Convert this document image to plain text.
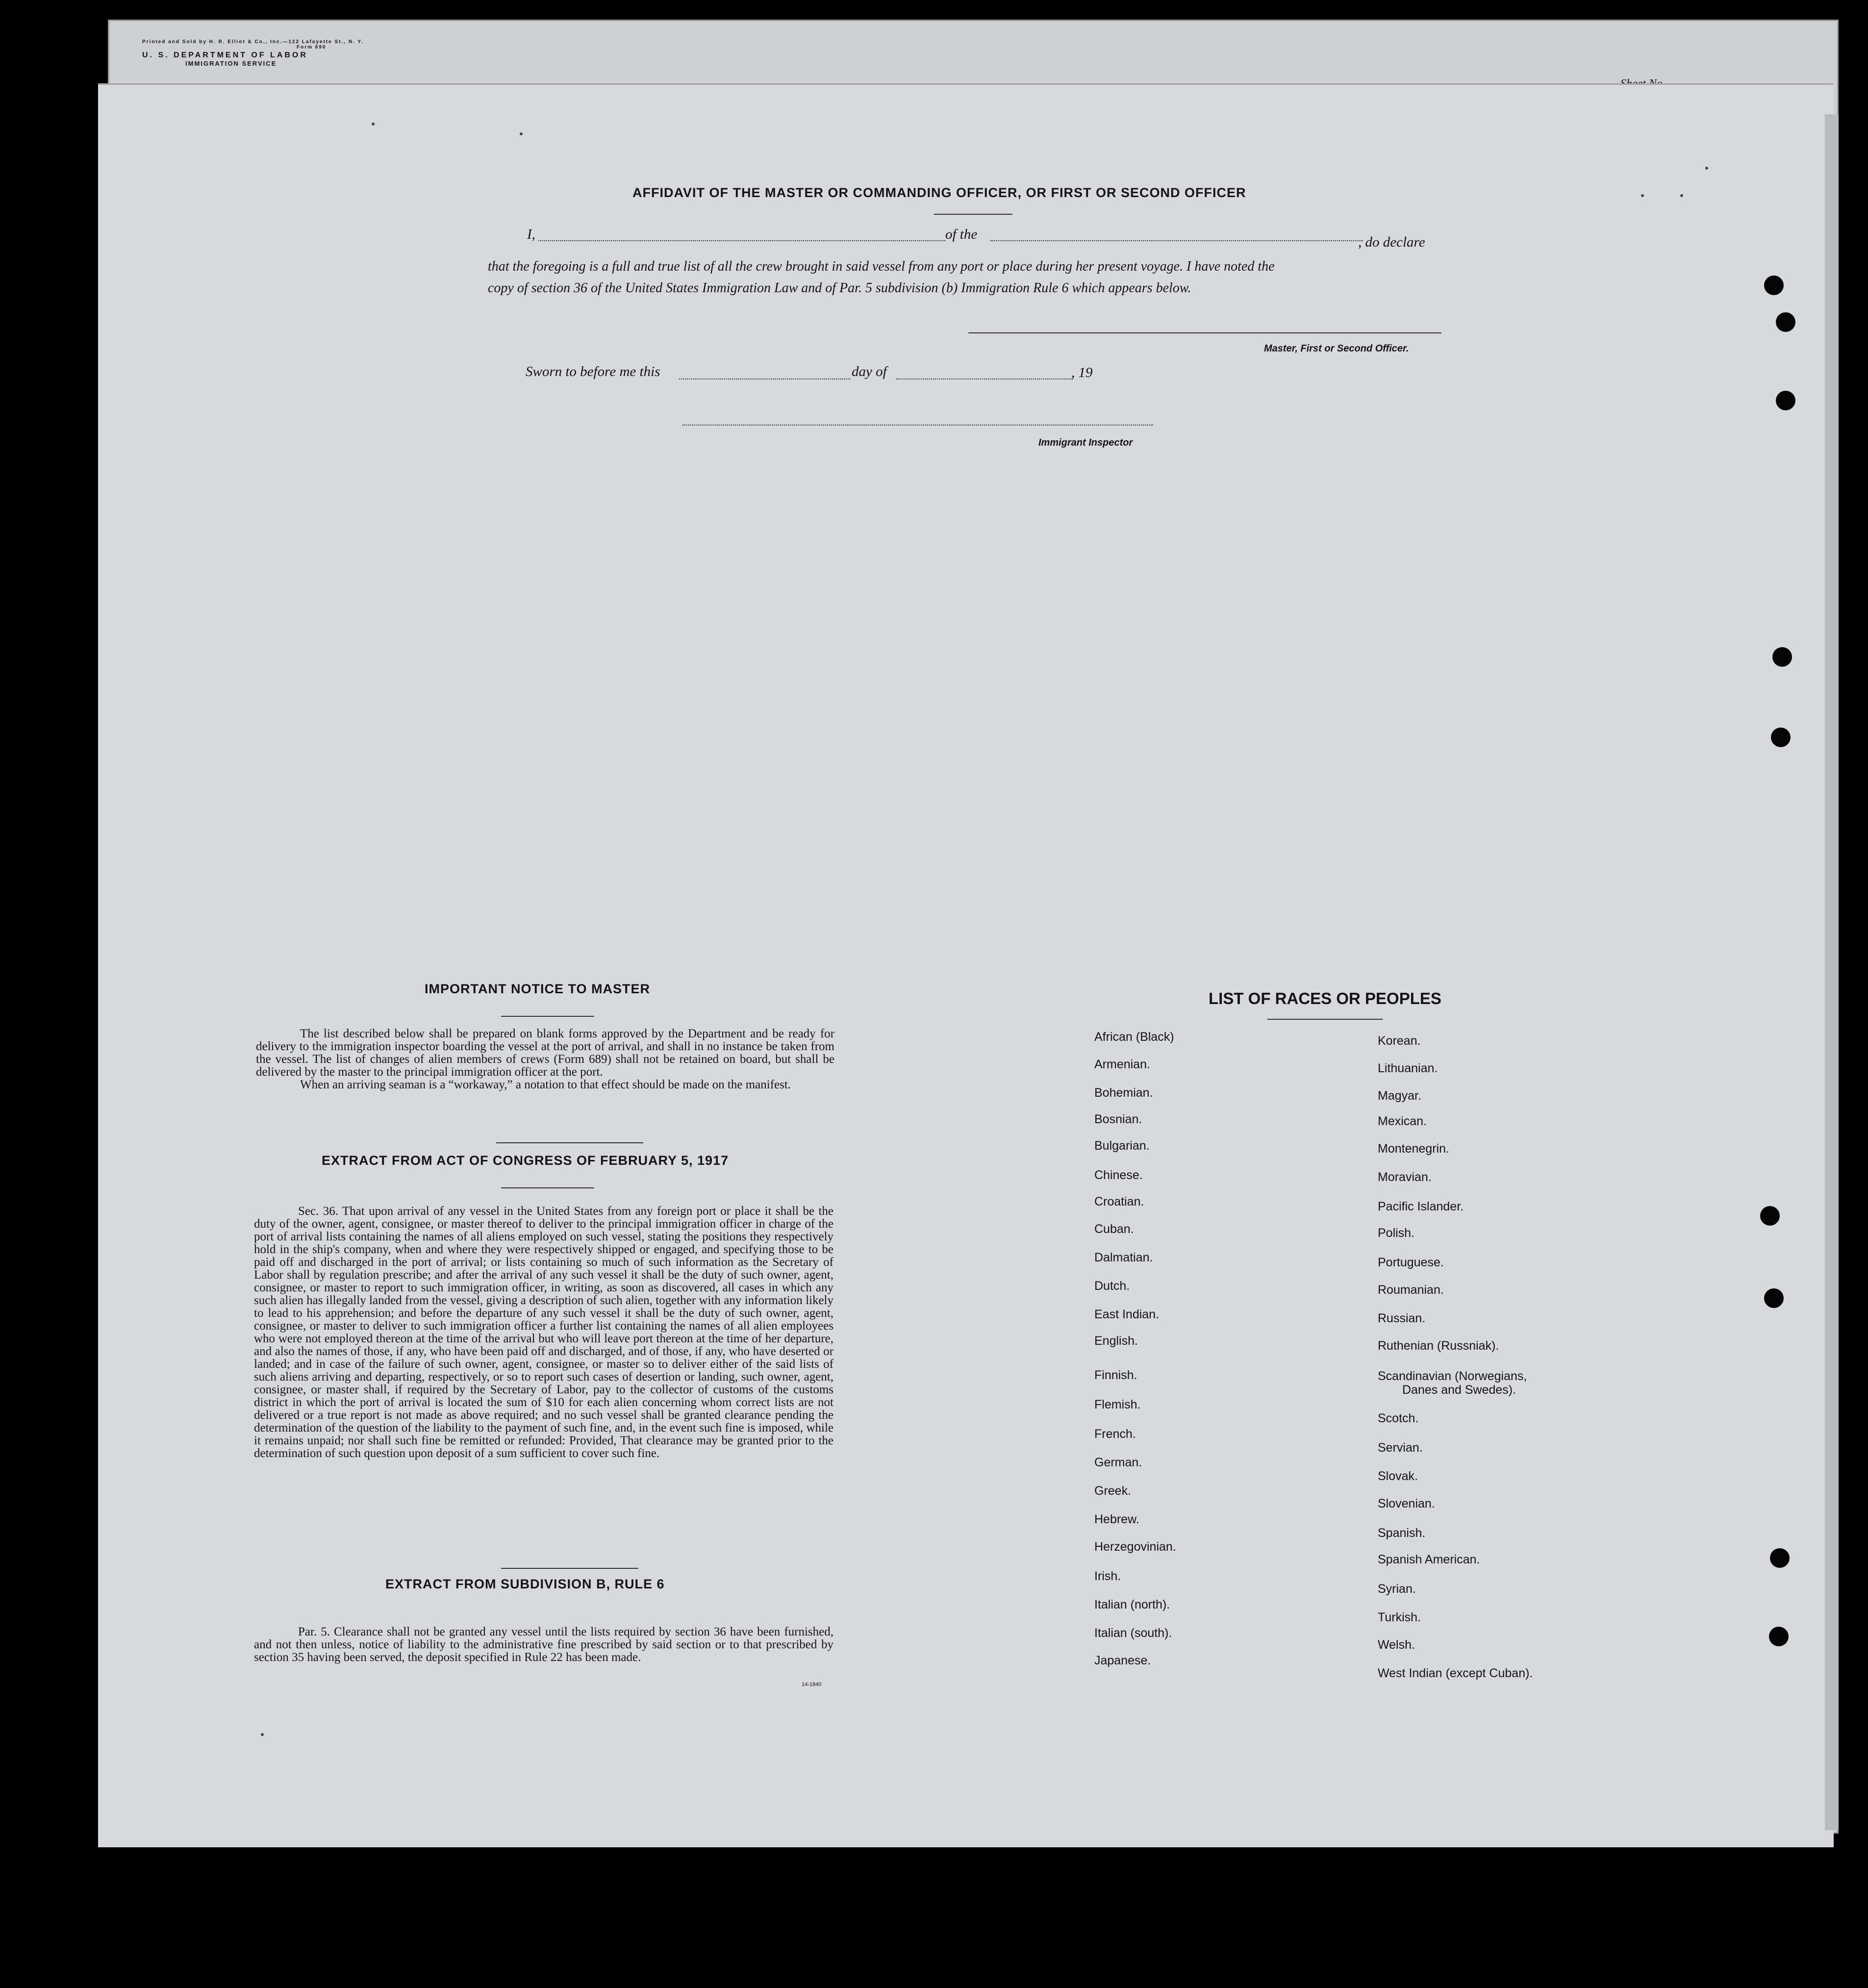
Printed and Sold by H. R. Elliot & Co., Inc.—122 Lafayette St., N. Y.
Form 690
U. S. DEPARTMENT OF LABOR
IMMIGRATION SERVICE
AFFIDAVIT OF THE MASTER OR COMMANDING OFFICER, OR FIRST OR SECOND OFFICER
I,	of the	, do declare
that the foregoing is a full and true list of all the crew brought in said vessel from any port or place during her present voyage. I have noted the
copy of section 36 of the United States Immigration Law and of Par. 5 subdivision (b) Immigration Rule 6 which appears below.
Master, First or Second Officer.
Sworn to before me this	day of	, 19
Immigrant Inspector
IMPORTANT NOTICE TO MASTER

The list described below shall be prepared on blank forms approved by the Department and be ready for delivery to the immigration inspector boarding the vessel at the port of arrival, and shall in no instance be taken from the vessel. The list of changes of alien members of crews (Form 689) shall not be retained on board, but shall be delivered by the master to the principal immigration officer at the port.

When an arriving seaman is a “workaway,” a notation to that effect should be made on the manifest.

EXTRACT FROM ACT OF CONGRESS OF FEBRUARY 5, 1917

Sec. 36. That upon arrival of any vessel in the United States from any foreign port or place it shall be the duty of the owner, agent, consignee, or master thereof to deliver to the principal immigration officer in charge of the port of arrival lists containing the names of all aliens employed on such vessel, stating the positions they respectively hold in the ship's company, when and where they were respectively shipped or engaged, and specifying those to be paid off and discharged in the port of arrival; or lists containing so much of such information as the Secretary of Labor shall by regulation prescribe; and after the arrival of any such vessel it shall be the duty of such owner, agent, consignee, or master to report to such immigration officer, in writing, as soon as discovered, all cases in which any such alien has illegally landed from the vessel, giving a description of such alien, together with any information likely to lead to his apprehension; and before the departure of any such vessel it shall be the duty of such owner, agent, consignee, or master to deliver to such immigration officer a further list containing the names of all alien employees who were not employed thereon at the time of the arrival but who will leave port thereon at the time of her departure, and also the names of those, if any, who have been paid off and discharged, and of those, if any, who have deserted or landed; and in case of the failure of such owner, agent, consignee, or master so to deliver either of the said lists of such aliens arriving and departing, respectively, or so to report such cases of desertion or landing, such owner, agent, consignee, or master shall, if required by the Secretary of Labor, pay to the collector of customs of the customs district in which the port of arrival is located the sum of $10 for each alien concerning whom correct lists are not delivered or a true report is not made as above required; and no such vessel shall be granted clearance pending the determination of the question of the liability to the payment of such fine, and, in the event such fine is imposed, while it remains unpaid; nor shall such fine be remitted or refunded: Provided, That clearance may be granted prior to the determination of such question upon deposit of a sum sufficient to cover such fine.

EXTRACT FROM SUBDIVISION B, RULE 6

Par. 5. Clearance shall not be granted any vessel until the lists required by section 36 have been furnished, and not then unless, notice of liability to the administrative fine prescribed by said section or to that prescribed by section 35 having been served, the deposit specified in Rule 22 has been made.

14-1840
LIST OF RACES OR PEOPLES
African (Black)
Armenian.
Bohemian.
Bosnian.
Bulgarian.
Chinese.
Croatian.
Cuban.
Dalmatian.
Dutch.
East Indian.
English.
Finnish.
Flemish.
French.
German.
Greek.
Hebrew.
Herzegovinian.
Irish.
Italian (north).
Italian (south).
Japanese.
Korean.
Lithuanian.
Magyar.
Mexican.
Montenegrin.
Moravian.
Pacific Islander.
Polish.
Portuguese.
Roumanian.
Russian.
Ruthenian (Russniak).
Scandinavian (Norwegians,
Danes and Swedes).
Scotch.
Servian.
Slovak.
Slovenian.
Spanish.
Spanish American.
Syrian.
Turkish.
Welsh.
West Indian (except Cuban).
